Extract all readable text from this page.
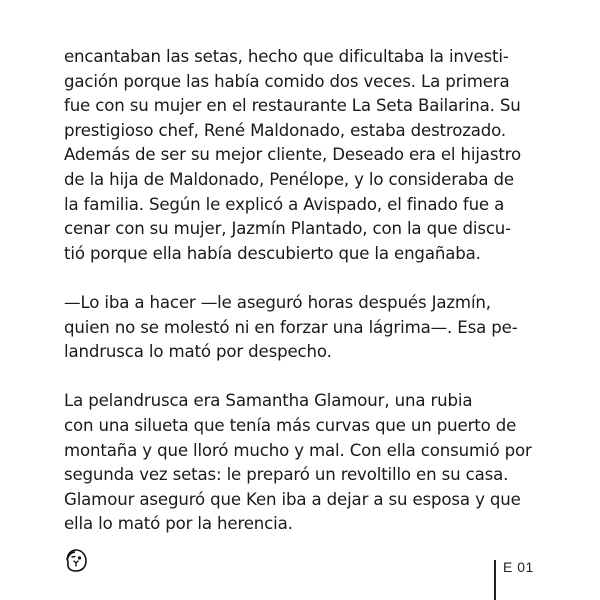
encantaban las setas, hecho que dificultaba la investi-
gación porque las había comido dos veces. La primera
fue con su mujer en el restaurante La Seta Bailarina. Su
prestigioso chef, René Maldonado, estaba destrozado.
Además de ser su mejor cliente, Deseado era el hijastro
de la hija de Maldonado, Penélope, y lo consideraba de
la familia. Según le explicó a Avispado, el finado fue a
cenar con su mujer, Jazmín Plantado, con la que discu-
tió porque ella había descubierto que la engañaba.

—Lo iba a hacer —le aseguró horas después Jazmín,
quien no se molestó ni en forzar una lágrima—. Esa pe-
landrusca lo mató por despecho.

La pelandrusca era Samantha Glamour, una rubia
con una silueta que tenía más curvas que un puerto de
montaña y que lloró mucho y mal. Con ella consumió por
segunda vez setas: le preparó un revoltillo en su casa.
Glamour aseguró que Ken iba a dejar a su esposa y que
ella lo mató por la herencia.

E 01
